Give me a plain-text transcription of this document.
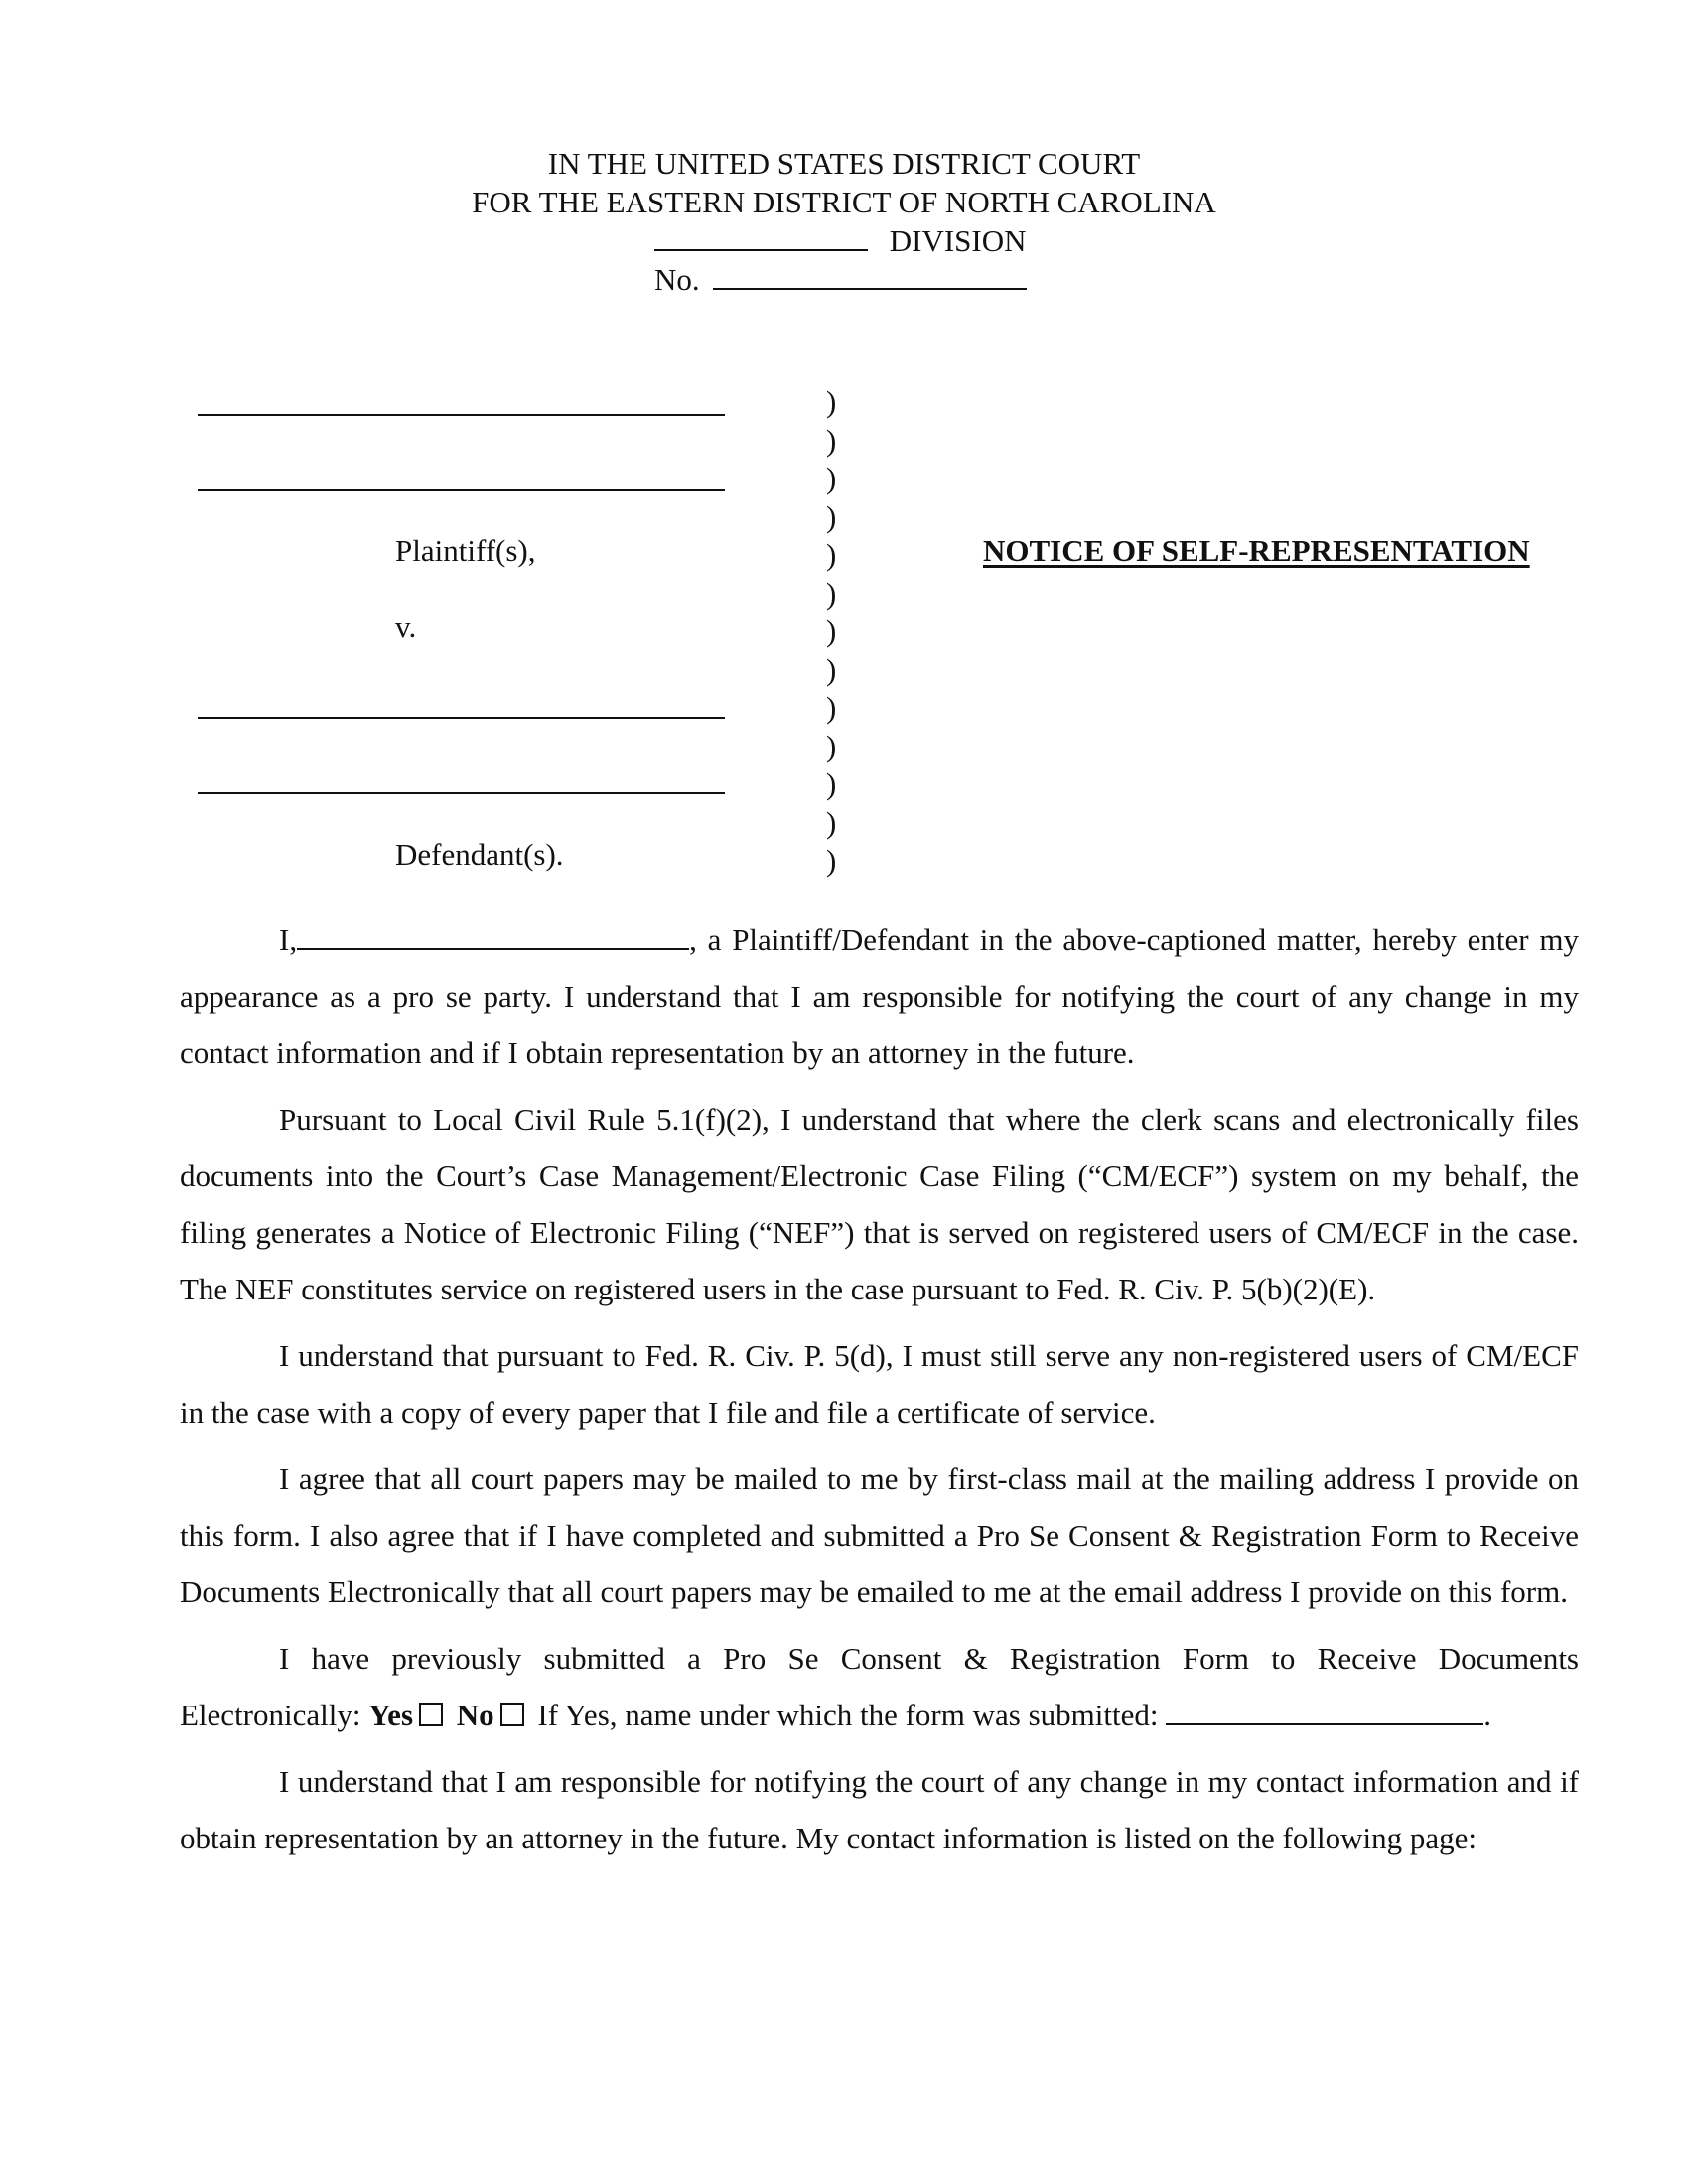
IN THE UNITED STATES DISTRICT COURT
FOR THE EASTERN DISTRICT OF NORTH CAROLINA
DIVISION
No.
Plaintiff(s),
v.
Defendant(s).
)
)
)
)
)
)
)
)
)
)
)
)
)
NOTICE OF SELF-REPRESENTATION

I,	, a Plaintiff/Defendant in the above-captioned matter, hereby enter my appearance as a pro se party. I understand that I am responsible for notifying the court of any change in my contact information and if I obtain representation by an attorney in the future.

Pursuant to Local Civil Rule 5.1(f)(2), I understand that where the clerk scans and electronically files documents into the Court’s Case Management/Electronic Case Filing (“CM/ECF”) system on my behalf, the filing generates a Notice of Electronic Filing (“NEF”) that is served on registered users of CM/ECF in the case. The NEF constitutes service on registered users in the case pursuant to Fed. R. Civ. P. 5(b)(2)(E).

I understand that pursuant to Fed. R. Civ. P. 5(d), I must still serve any non-registered users of CM/ECF in the case with a copy of every paper that I file and file a certificate of service.

I agree that all court papers may be mailed to me by first-class mail at the mailing address I provide on this form. I also agree that if I have completed and submitted a Pro Se Consent & Registration Form to Receive Documents Electronically that all court papers may be emailed to me at the email address I provide on this form.

I have previously submitted a Pro Se Consent & Registration Form to Receive Documents Electronically: Yes No If Yes, name under which the form was submitted:	.

I understand that I am responsible for notifying the court of any change in my contact information and if obtain representation by an attorney in the future. My contact information is listed on the following page:
